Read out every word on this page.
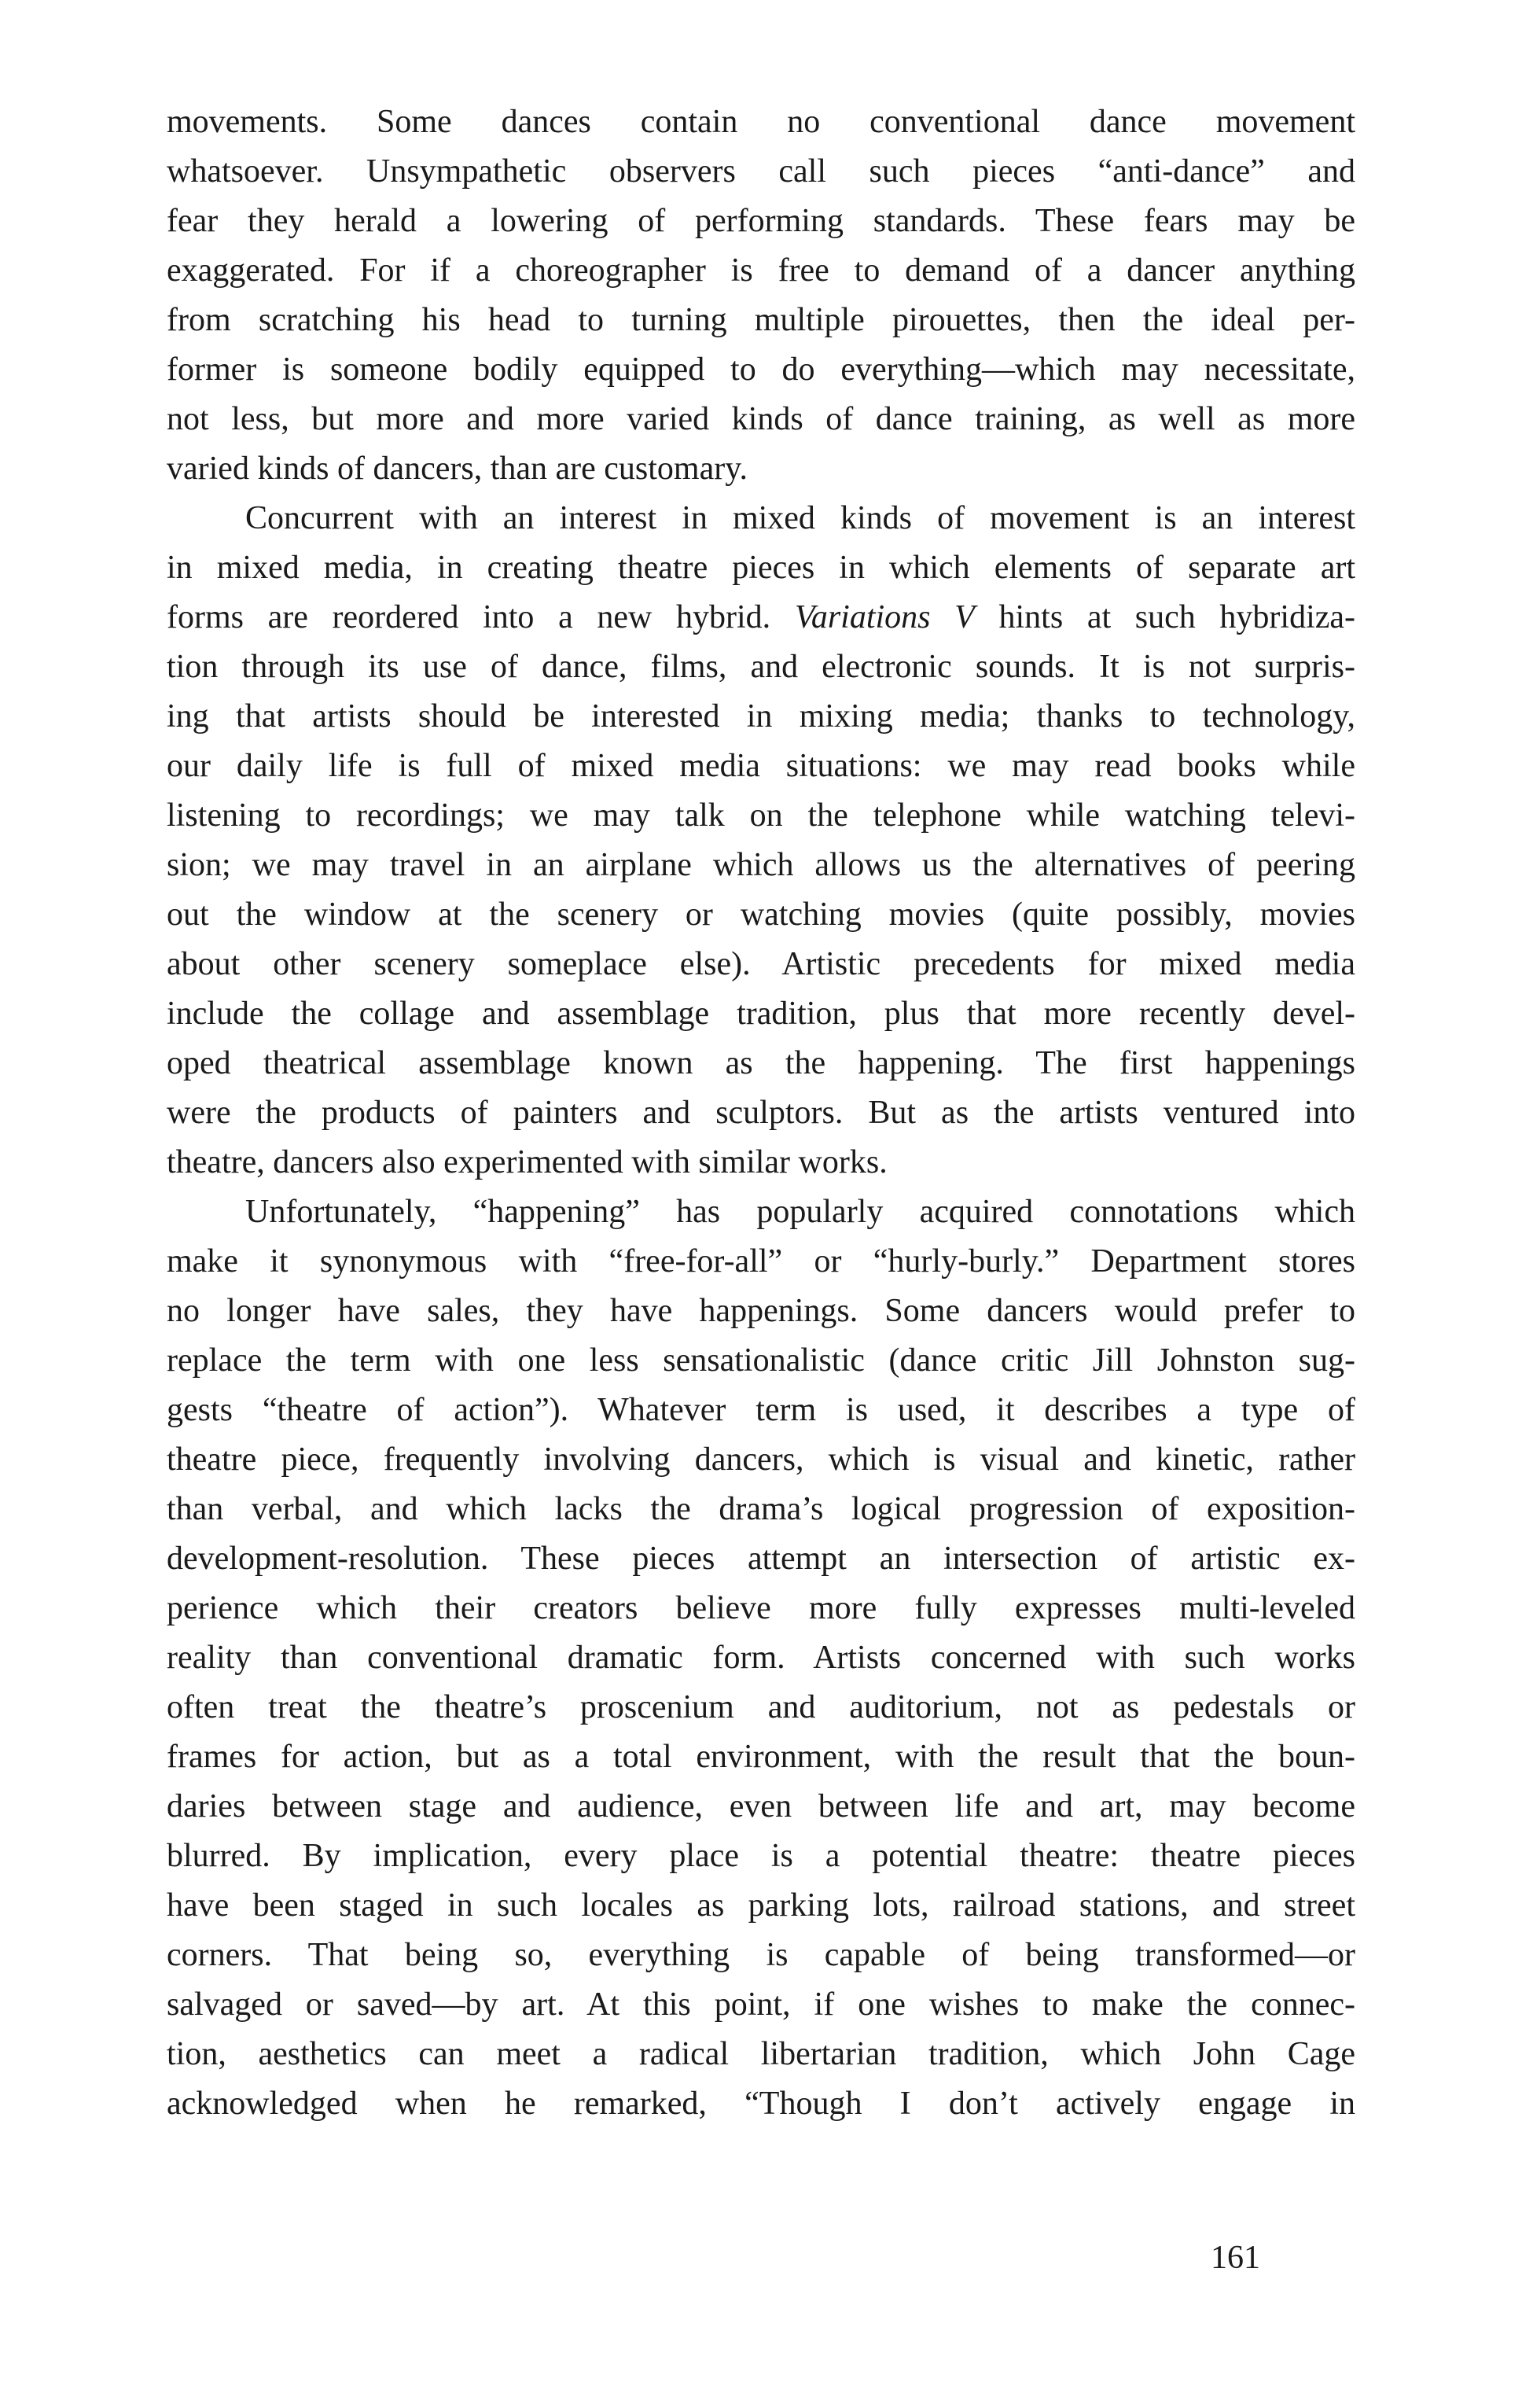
movements. Some dances contain no conventional dance movement
whatsoever. Unsympathetic observers call such pieces “anti-dance” and
fear they herald a lowering of performing standards. These fears may be
exaggerated. For if a choreographer is free to demand of a dancer anything
from scratching his head to turning multiple pirouettes, then the ideal per-
former is someone bodily equipped to do everything—which may necessitate,
not less, but more and more varied kinds of dance training, as well as more
varied kinds of dancers, than are customary.
Concurrent with an interest in mixed kinds of movement is an interest
in mixed media, in creating theatre pieces in which elements of separate art
forms are reordered into a new hybrid. Variations V hints at such hybridiza-
tion through its use of dance, films, and electronic sounds. It is not surpris-
ing that artists should be interested in mixing media; thanks to technology,
our daily life is full of mixed media situations: we may read books while
listening to recordings; we may talk on the telephone while watching televi-
sion; we may travel in an airplane which allows us the alternatives of peering
out the window at the scenery or watching movies (quite possibly, movies
about other scenery someplace else). Artistic precedents for mixed media
include the collage and assemblage tradition, plus that more recently devel-
oped theatrical assemblage known as the happening. The first happenings
were the products of painters and sculptors. But as the artists ventured into
theatre, dancers also experimented with similar works.
Unfortunately, “happening” has popularly acquired connotations which
make it synonymous with “free-for-all” or “hurly-burly.” Department stores
no longer have sales, they have happenings. Some dancers would prefer to
replace the term with one less sensationalistic (dance critic Jill Johnston sug-
gests “theatre of action”). Whatever term is used, it describes a type of
theatre piece, frequently involving dancers, which is visual and kinetic, rather
than verbal, and which lacks the drama’s logical progression of exposition-
development-resolution. These pieces attempt an intersection of artistic ex-
perience which their creators believe more fully expresses multi-leveled
reality than conventional dramatic form. Artists concerned with such works
often treat the theatre’s proscenium and auditorium, not as pedestals or
frames for action, but as a total environment, with the result that the boun-
daries between stage and audience, even between life and art, may become
blurred. By implication, every place is a potential theatre: theatre pieces
have been staged in such locales as parking lots, railroad stations, and street
corners. That being so, everything is capable of being transformed—or
salvaged or saved—by art. At this point, if one wishes to make the connec-
tion, aesthetics can meet a radical libertarian tradition, which John Cage
acknowledged when he remarked, “Though I don’t actively engage in
161
